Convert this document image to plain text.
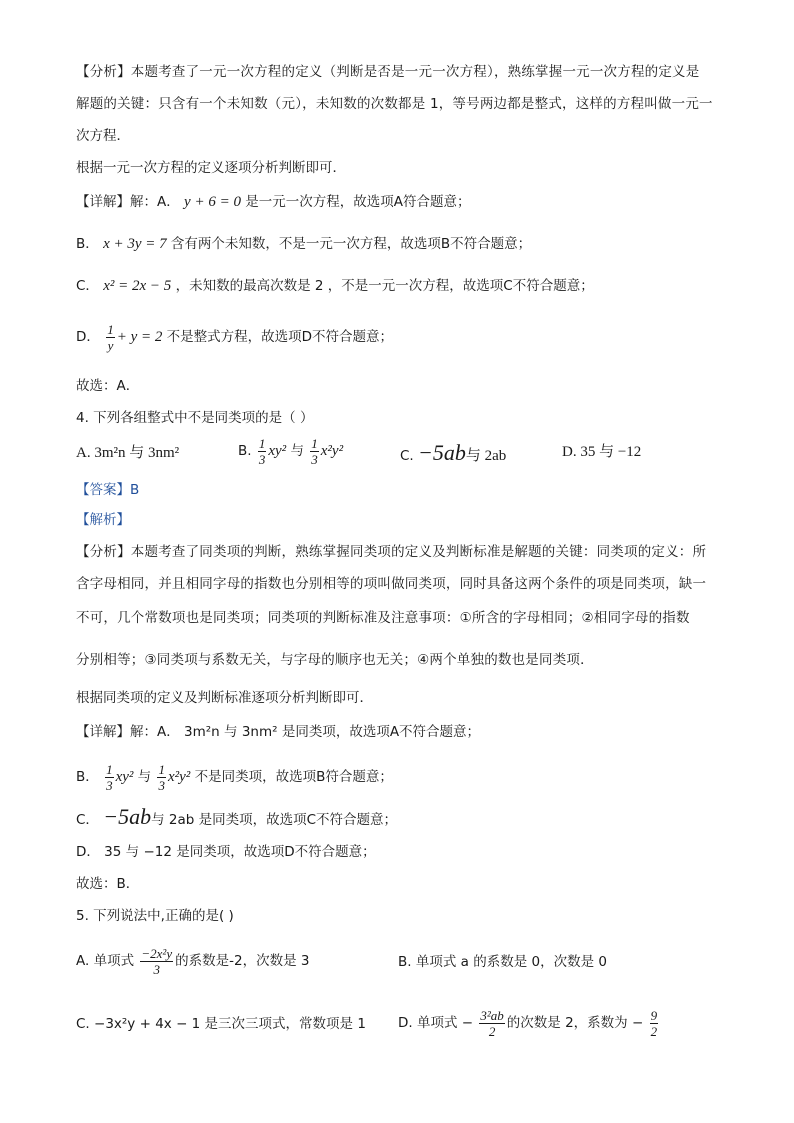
【分析】本题考查了一元一次方程的定义（判断是否是一元一次方程），熟练掌握一元一次方程的定义是
解题的关键：只含有一个未知数（元），未知数的次数都是 1，等号两边都是整式，这样的方程叫做一元一
次方程．
根据一元一次方程的定义逐项分析判断即可．
【详解】解：A． y + 6 = 0 是一元一次方程，故选项A符合题意；
B． x + 3y = 7 含有两个未知数，不是一元一次方程，故选项B不符合题意；
C． x² = 2x − 5 ，未知数的最高次数是 2 ，不是一元一次方程，故选项C不符合题意；
D． $\frac{1}{y} + y = 2$ 不是整式方程，故选项D不符合题意；
故选：A．
4. 下列各组整式中不是同类项的是（ ）
A. 3m²n 与 3nm²	B. $\frac{1}{3} xy^2$ 与 $\frac{1}{3} x^2y^2$	C. −5ab与 2ab	D. 35 与 −12
【答案】B
【解析】
【分析】本题考查了同类项的判断，熟练掌握同类项的定义及判断标准是解题的关键：同类项的定义：所
含字母相同，并且相同字母的指数也分别相等的项叫做同类项，同时具备这两个条件的项是同类项，缺一
不可，几个常数项也是同类项；同类项的判断标准及注意事项：①所含的字母相同；②相同字母的指数
分别相等；③同类项与系数无关，与字母的顺序也无关；④两个单独的数也是同类项．
根据同类项的定义及判断标准逐项分析判断即可．
【详解】解：A． 3m²n 与 3nm² 是同类项，故选项A不符合题意；
B． $\frac{1}{3} xy^2$ 与 $\frac{1}{3} x^2y^2$ 不是同类项，故选项B符合题意；
C． −5ab与 2ab 是同类项，故选项C不符合题意；
D． 35 与 −12 是同类项，故选项D不符合题意；
故选：B．
5. 下列说法中,正确的是( )
A. 单项式 $\frac{\text{−2x²y}}{3}$ 的系数是-2，次数是 3	B. 单项式 a 的系数是 0，次数是 0
C. −3x²y + 4x − 1 是三次三项式，常数项是 1 D. 单项式 − $\frac{\text{3²ab}}{2}$ 的次数是 2，系数为 − $\frac{9}{2}$
